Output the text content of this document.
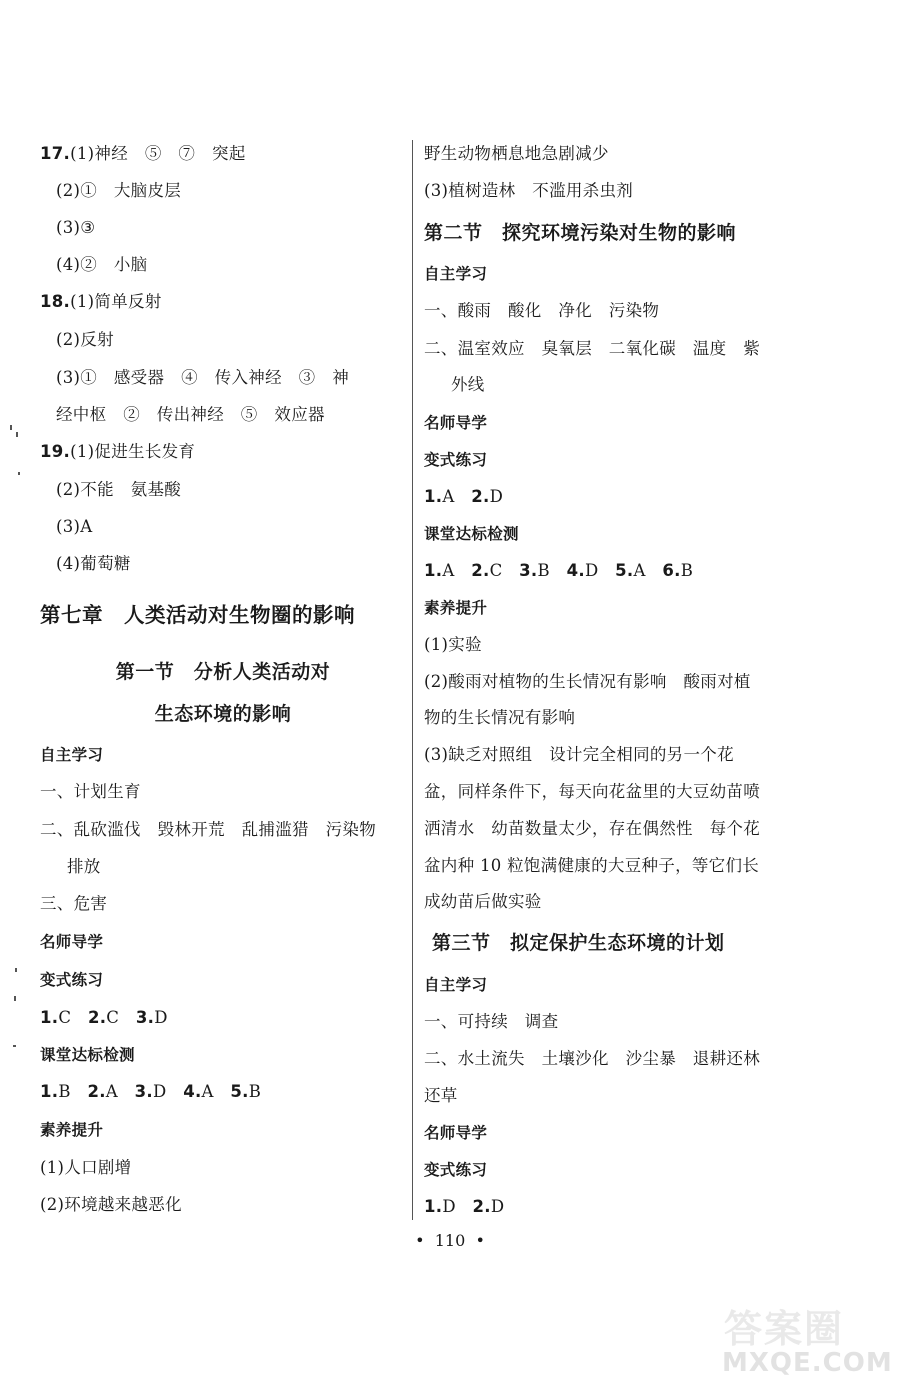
17.(1)神经　⑤　⑦　突起
(2)①　大脑皮层
(3)③
(4)②　小脑
18.(1)简单反射
(2)反射
(3)①　感受器　④　传入神经　③　神
经中枢　②　传出神经　⑤　效应器
19.(1)促进生长发育
(2)不能　氨基酸
(3)A
(4)葡萄糖
第七章　人类活动对生物圈的影响
第一节　分析人类活动对
生态环境的影响
自主学习
一、计划生育
二、乱砍滥伐　毁林开荒　乱捕滥猎　污染物
排放
三、危害
名师导学
变式练习
1.C 2.C 3.D
课堂达标检测
1.B 2.A 3.D 4.A 5.B
素养提升
(1)人口剧增
(2)环境越来越恶化
野生动物栖息地急剧减少
(3)植树造林　不滥用杀虫剂
第二节　探究环境污染对生物的影响
自主学习
一、酸雨　酸化　净化　污染物
二、温室效应　臭氧层　二氧化碳　温度　紫
外线
名师导学
变式练习
1.A 2.D
课堂达标检测
1.A 2.C 3.B 4.D 5.A 6.B
素养提升
(1)实验
(2)酸雨对植物的生长情况有影响　酸雨对植
物的生长情况有影响
(3)缺乏对照组　设计完全相同的另一个花
盆，同样条件下，每天向花盆里的大豆幼苗喷
洒清水　幼苗数量太少，存在偶然性　每个花
盆内种 10 粒饱满健康的大豆种子，等它们长
成幼苗后做实验
第三节　拟定保护生态环境的计划
自主学习
一、可持续　调查
二、水土流失　土壤沙化　沙尘暴　退耕还林
还草
名师导学
变式练习
1.D 2.D
• 110 •
答案圈
MXQE.COM
